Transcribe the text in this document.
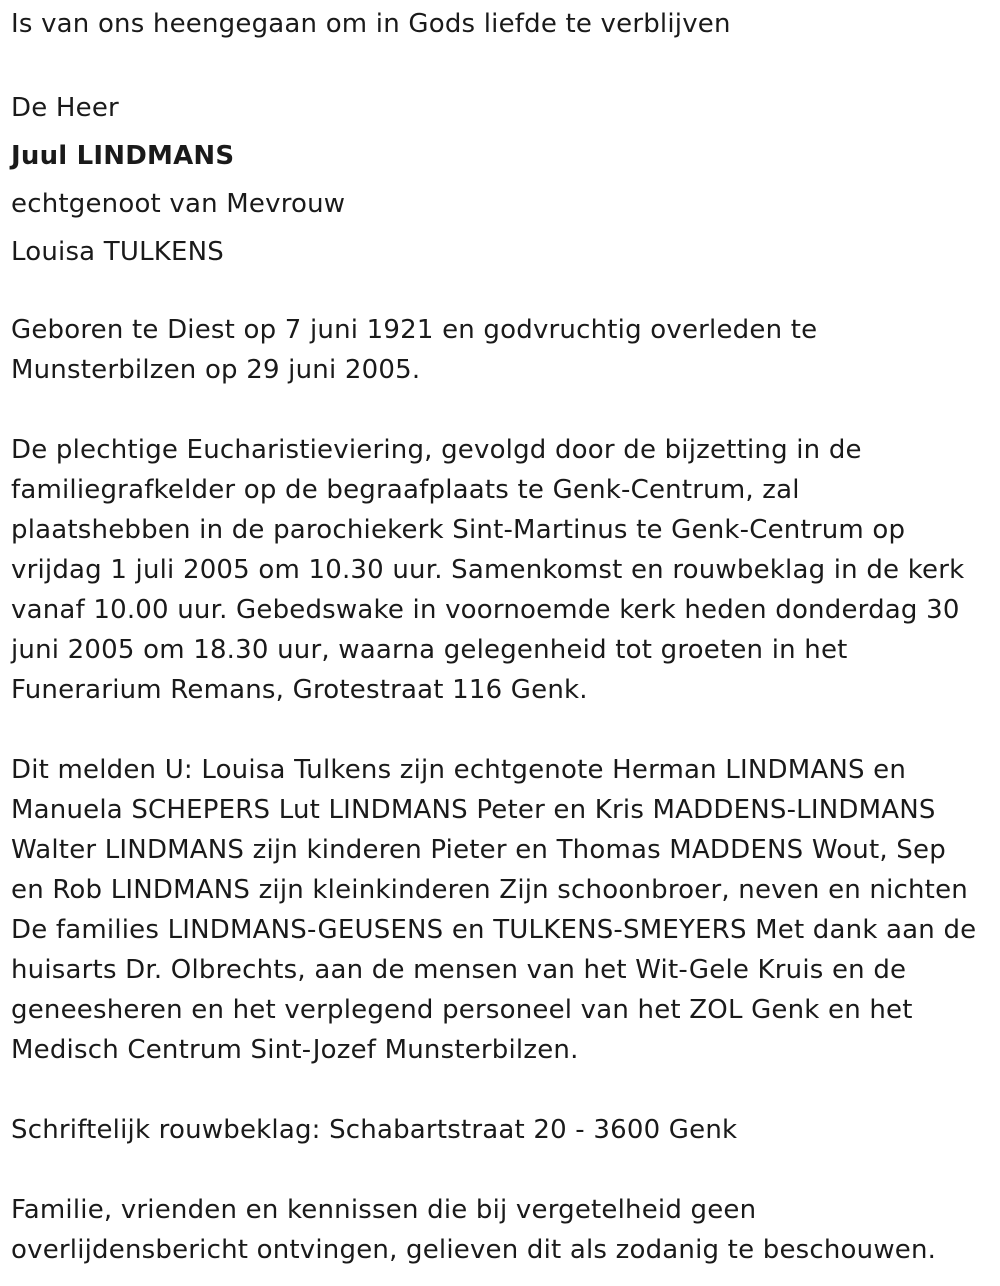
Is van ons heengegaan om in Gods liefde te verblijven
De Heer
Juul LINDMANS
echtgenoot van Mevrouw
Louisa TULKENS
Geboren te Diest op 7 juni 1921 en godvruchtig overleden te
Munsterbilzen op 29 juni 2005.
De plechtige Eucharistieviering, gevolgd door de bijzetting in de
familiegrafkelder op de begraafplaats te Genk-Centrum, zal
plaatshebben in de parochiekerk Sint-Martinus te Genk-Centrum op
vrijdag 1 juli 2005 om 10.30 uur. Samenkomst en rouwbeklag in de kerk
vanaf 10.00 uur. Gebedswake in voornoemde kerk heden donderdag 30
juni 2005 om 18.30 uur, waarna gelegenheid tot groeten in het
Funerarium Remans, Grotestraat 116 Genk.
Dit melden U: Louisa Tulkens zijn echtgenote Herman LINDMANS en
Manuela SCHEPERS Lut LINDMANS Peter en Kris MADDENS-LINDMANS
Walter LINDMANS zijn kinderen Pieter en Thomas MADDENS Wout, Sep
en Rob LINDMANS zijn kleinkinderen Zijn schoonbroer, neven en nichten
De families LINDMANS-GEUSENS en TULKENS-SMEYERS Met dank aan de
huisarts Dr. Olbrechts, aan de mensen van het Wit-Gele Kruis en de
geneesheren en het verplegend personeel van het ZOL Genk en het
Medisch Centrum Sint-Jozef Munsterbilzen.
Schriftelijk rouwbeklag: Schabartstraat 20 - 3600 Genk
Familie, vrienden en kennissen die bij vergetelheid geen
overlijdensbericht ontvingen, gelieven dit als zodanig te beschouwen.
